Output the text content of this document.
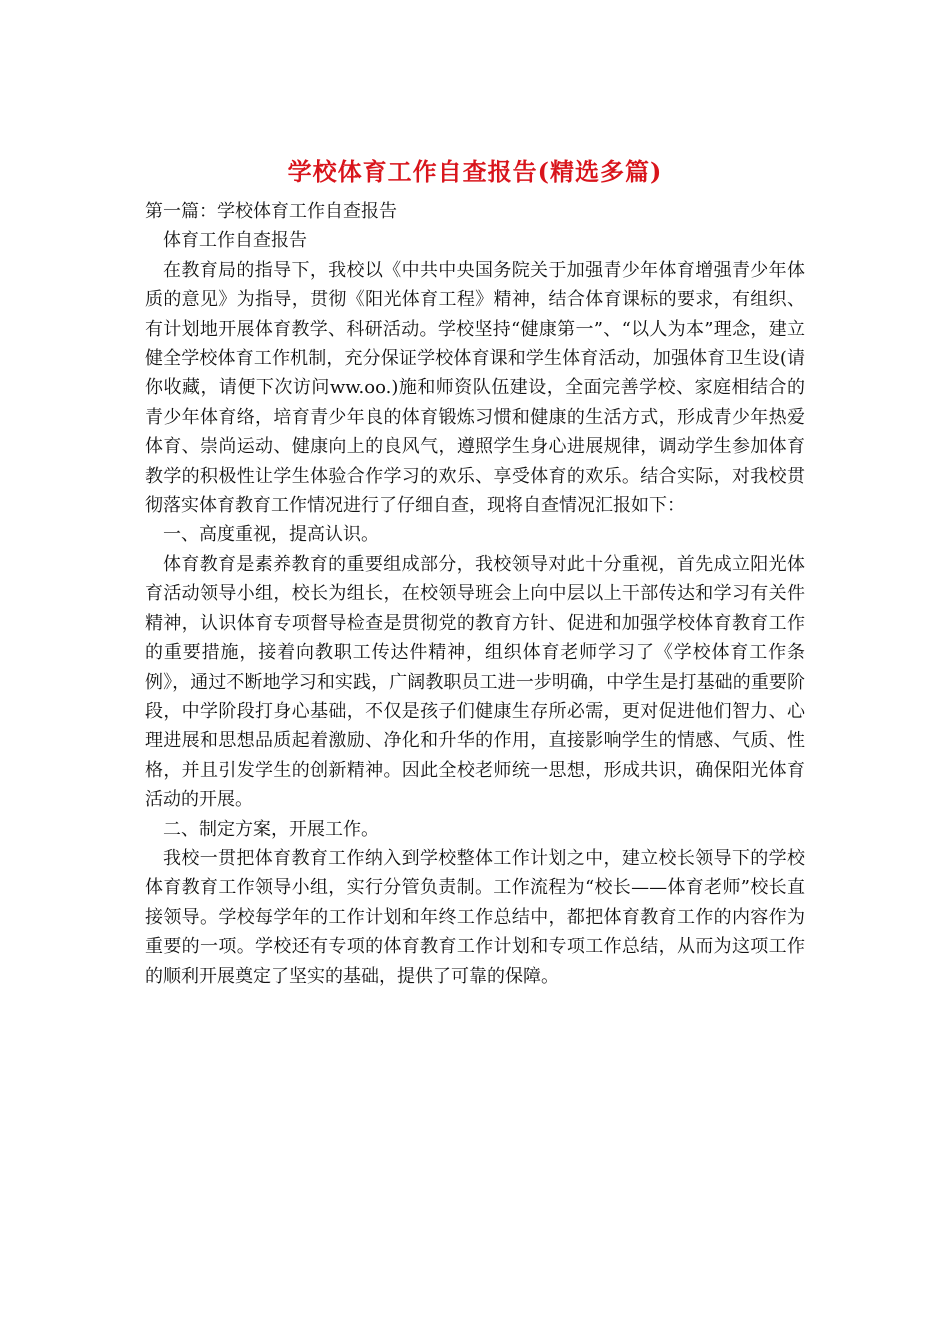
学校体育工作自查报告(精选多篇)

第一篇：学校体育工作自查报告

体育工作自查报告

在教育局的指导下，我校以《中共中央国务院关于加强青少年体育增强青少年体质的意见》为指导，贯彻《阳光体育工程》精神，结合体育课标的要求，有组织、有计划地开展体育教学、科研活动。学校坚持“健康第一”、“以人为本”理念，建立健全学校体育工作机制，充分保证学校体育课和学生体育活动，加强体育卫生设(请你收藏，请便下次访问ww.oo.)施和师资队伍建设，全面完善学校、家庭相结合的青少年体育络，培育青少年良的体育锻炼习惯和健康的生活方式，形成青少年热爱体育、崇尚运动、健康向上的良风气，遵照学生身心进展规律，调动学生参加体育教学的积极性让学生体验合作学习的欢乐、享受体育的欢乐。结合实际，对我校贯彻落实体育教育工作情况进行了仔细自查，现将自查情况汇报如下：

一、高度重视，提高认识。

体育教育是素养教育的重要组成部分，我校领导对此十分重视，首先成立阳光体育活动领导小组，校长为组长，在校领导班会上向中层以上干部传达和学习有关件精神，认识体育专项督导检查是贯彻党的教育方针、促进和加强学校体育教育工作的重要措施，接着向教职工传达件精神，组织体育老师学习了《学校体育工作条例》，通过不断地学习和实践，广阔教职员工进一步明确，中学生是打基础的重要阶段，中学阶段打身心基础，不仅是孩子们健康生存所必需，更对促进他们智力、心理进展和思想品质起着激励、净化和升华的作用，直接影响学生的情感、气质、性格，并且引发学生的创新精神。因此全校老师统一思想，形成共识，确保阳光体育活动的开展。

二、制定方案，开展工作。

我校一贯把体育教育工作纳入到学校整体工作计划之中，建立校长领导下的学校体育教育工作领导小组，实行分管负责制。工作流程为“校长——体育老师”校长直接领导。学校每学年的工作计划和年终工作总结中，都把体育教育工作的内容作为重要的一项。学校还有专项的体育教育工作计划和专项工作总结，从而为这项工作的顺利开展奠定了坚实的基础，提供了可靠的保障。
